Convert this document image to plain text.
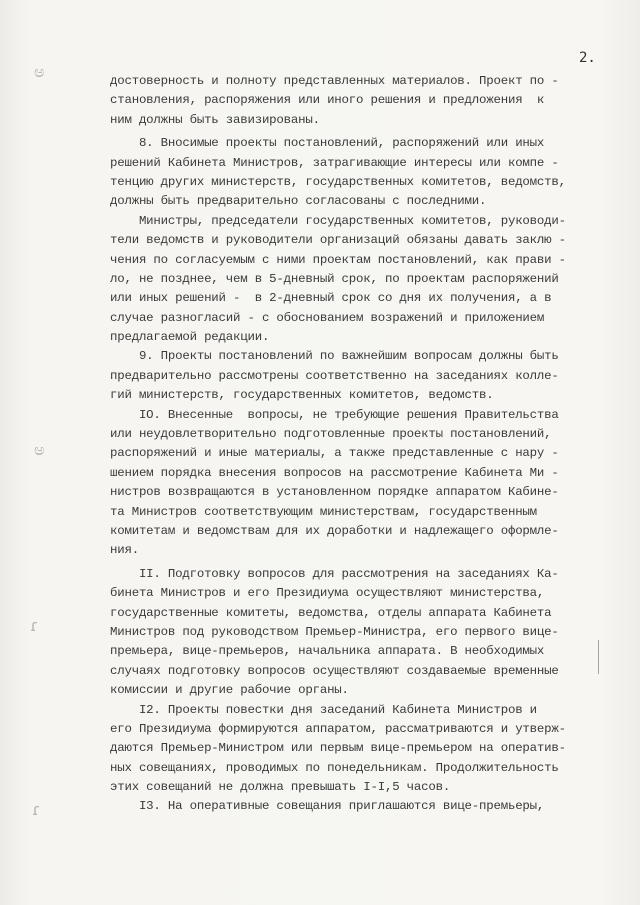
2.
ಅ
ಅ
ɾ
ɾ
достоверность и полноту представленных материалов. Проект по -
становления, распоряжения или иного решения и предложения  к
ним должны быть завизированы.
8. Вносимые проекты постановлений, распоряжений или иных
решений Кабинета Министров, затрагивающие интересы или компе -
тенцию других министерств, государственных комитетов, ведомств,
должны быть предварительно согласованы с последними.
Министры, председатели государственных комитетов, руководи-
тели ведомств и руководители организаций обязаны давать заклю -
чения по согласуемым с ними проектам постановлений, как прави -
ло, не позднее, чем в 5-дневный срок, по проектам распоряжений
или иных решений -  в 2-дневный срок со дня их получения, а в
случае разногласий - с обоснованием возражений и приложением
предлагаемой редакции.
9. Проекты постановлений по важнейшим вопросам должны быть
предварительно рассмотрены соответственно на заседаниях колле-
гий министерств, государственных комитетов, ведомств.
IO. Внесенные  вопросы, не требующие решения Правительства
или неудовлетворительно подготовленные проекты постановлений,
распоряжений и иные материалы, а также представленные с нару -
шением порядка внесения вопросов на рассмотрение Кабинета Ми -
нистров возвращаются в установленном порядке аппаратом Кабине-
та Министров соответствующим министерствам, государственным
комитетам и ведомствам для их доработки и надлежащего оформле-
ния.
II. Подготовку вопросов для рассмотрения на заседаниях Ка-
бинета Министров и его Президиума осуществляют министерства,
государственные комитеты, ведомства, отделы аппарата Кабинета
Министров под руководством Премьер-Министра, его первого вице-
премьера, вице-премьеров, начальника аппарата. В необходимых
случаях подготовку вопросов осуществляют создаваемые временные
комиссии и другие рабочие органы.
I2. Проекты повестки дня заседаний Кабинета Министров и
его Президиума формируются аппаратом, рассматриваются и утверж-
даются Премьер-Министром или первым вице-премьером на оператив-
ных совещаниях, проводимых по понедельникам. Продолжительность
этих совещаний не должна превышать I-I,5 часов.
I3. На оперативные совещания приглашаются вице-премьеры,
